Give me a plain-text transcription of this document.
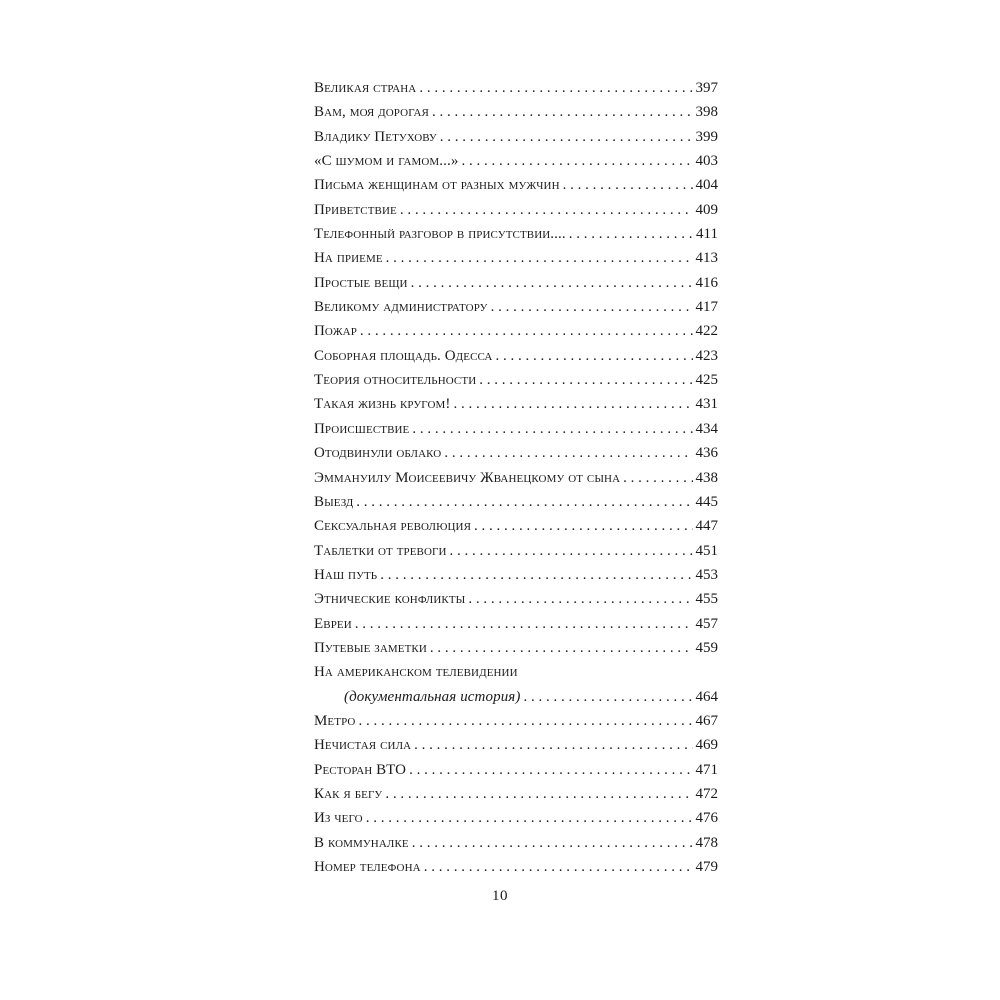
Великая страна . . .	397
Вам, моя дорогая . . .	398
Владику Петухову . . .	399
«С шумом и гамом...» . . .	403
Письма женщинам от разных мужчин . . .	404
Приветствие . . .	409
Телефонный разговор в присутствии.... . . .	411
На приеме . . .	413
Простые вещи . . .	416
Великому администратору . . .	417
Пожар . . .	422
Соборная площадь. Одесса . . .	423
Теория относительности . . .	425
Такая жизнь кругом! . . .	431
Происшествие . . .	434
Отодвинули облако . . .	436
Эммануилу Моисеевичу Жванецкому от сына . . .	438
Выезд . . .	445
Сексуальная революция . . .	447
Таблетки от тревоги . . .	451
Наш путь . . .	453
Этнические конфликты . . .	455
Евреи . . .	457
Путевые заметки . . .	459
На американском телевидении
(документальная история) . . .	464
Метро . . .	467
Нечистая сила . . .	469
Ресторан ВТО . . .	471
Как я бегу . . .	472
Из чего . . .	476
В коммуналке . . .	478
Номер телефона . . .	479
10
